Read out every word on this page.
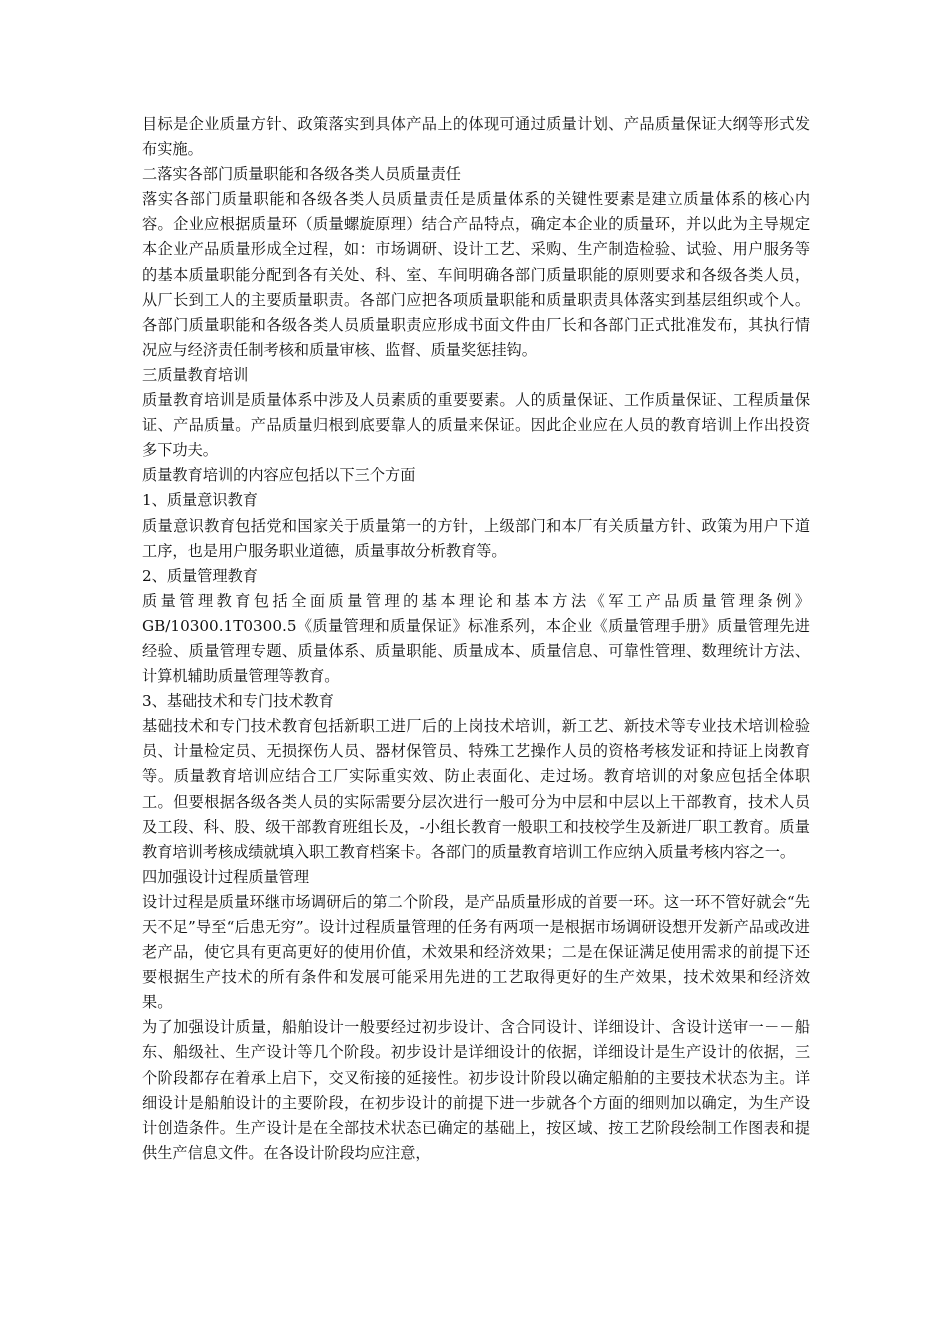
目标是企业质量方针、政策落实到具体产品上的体现可通过质量计划、产品质量保证大纲等形式发布实施。

二落实各部门质量职能和各级各类人员质量责任

落实各部门质量职能和各级各类人员质量责任是质量体系的关键性要素是建立质量体系的核心内容。企业应根据质量环（质量螺旋原理）结合产品特点，确定本企业的质量环，并以此为主导规定本企业产品质量形成全过程，如：市场调研、设计工艺、采购、生产制造检验、试验、用户服务等的基本质量职能分配到各有关处、科、室、车间明确各部门质量职能的原则要求和各级各类人员，从厂长到工人的主要质量职责。各部门应把各项质量职能和质量职责具体落实到基层组织或个人。各部门质量职能和各级各类人员质量职责应形成书面文件由厂长和各部门正式批准发布，其执行情况应与经济责任制考核和质量审核、监督、质量奖惩挂钩。

三质量教育培训

质量教育培训是质量体系中涉及人员素质的重要要素。人的质量保证、工作质量保证、工程质量保证、产品质量。产品质量归根到底要靠人的质量来保证。因此企业应在人员的教育培训上作出投资多下功夫。

质量教育培训的内容应包括以下三个方面

1、质量意识教育

质量意识教育包括党和国家关于质量第一的方针，上级部门和本厂有关质量方针、政策为用户下道工序，也是用户服务职业道德，质量事故分析教育等。

2、质量管理教育

质量管理教育包括全面质量管理的基本理论和基本方法《军工产品质量管理条例》GB/10300.1T0300.5《质量管理和质量保证》标准系列，本企业《质量管理手册》质量管理先进经验、质量管理专题、质量体系、质量职能、质量成本、质量信息、可靠性管理、数理统计方法、计算机辅助质量管理等教育。

3、基础技术和专门技术教育

基础技术和专门技术教育包括新职工进厂后的上岗技术培训，新工艺、新技术等专业技术培训检验员、计量检定员、无损探伤人员、器材保管员、特殊工艺操作人员的资格考核发证和持证上岗教育等。质量教育培训应结合工厂实际重实效、防止表面化、走过场。教育培训的对象应包括全体职工。但要根据各级各类人员的实际需要分层次进行一般可分为中层和中层以上干部教育，技术人员及工段、科、股、级干部教育班组长及，-小组长教育一般职工和技校学生及新进厂职工教育。质量教育培训考核成绩就填入职工教育档案卡。各部门的质量教育培训工作应纳入质量考核内容之一。

四加强设计过程质量管理

设计过程是质量环继市场调研后的第二个阶段，是产品质量形成的首要一环。这一环不管好就会“先天不足”导至“后患无穷”。设计过程质量管理的任务有两项一是根据市场调研设想开发新产品或改进老产品，使它具有更高更好的使用价值，术效果和经济效果；二是在保证满足使用需求的前提下还要根据生产技术的所有条件和发展可能采用先进的工艺取得更好的生产效果，技术效果和经济效果。

为了加强设计质量，船舶设计一般要经过初步设计、含合同设计、详细设计、含设计送审一－－船东、船级社、生产设计等几个阶段。初步设计是详细设计的依据，详细设计是生产设计的依据，三个阶段都存在着承上启下，交叉衔接的延接性。初步设计阶段以确定船舶的主要技术状态为主。详细设计是船舶设计的主要阶段，在初步设计的前提下进一步就各个方面的细则加以确定，为生产设计创造条件。生产设计是在全部技术状态已确定的基础上，按区域、按工艺阶段绘制工作图表和提供生产信息文件。在各设计阶段均应注意，
